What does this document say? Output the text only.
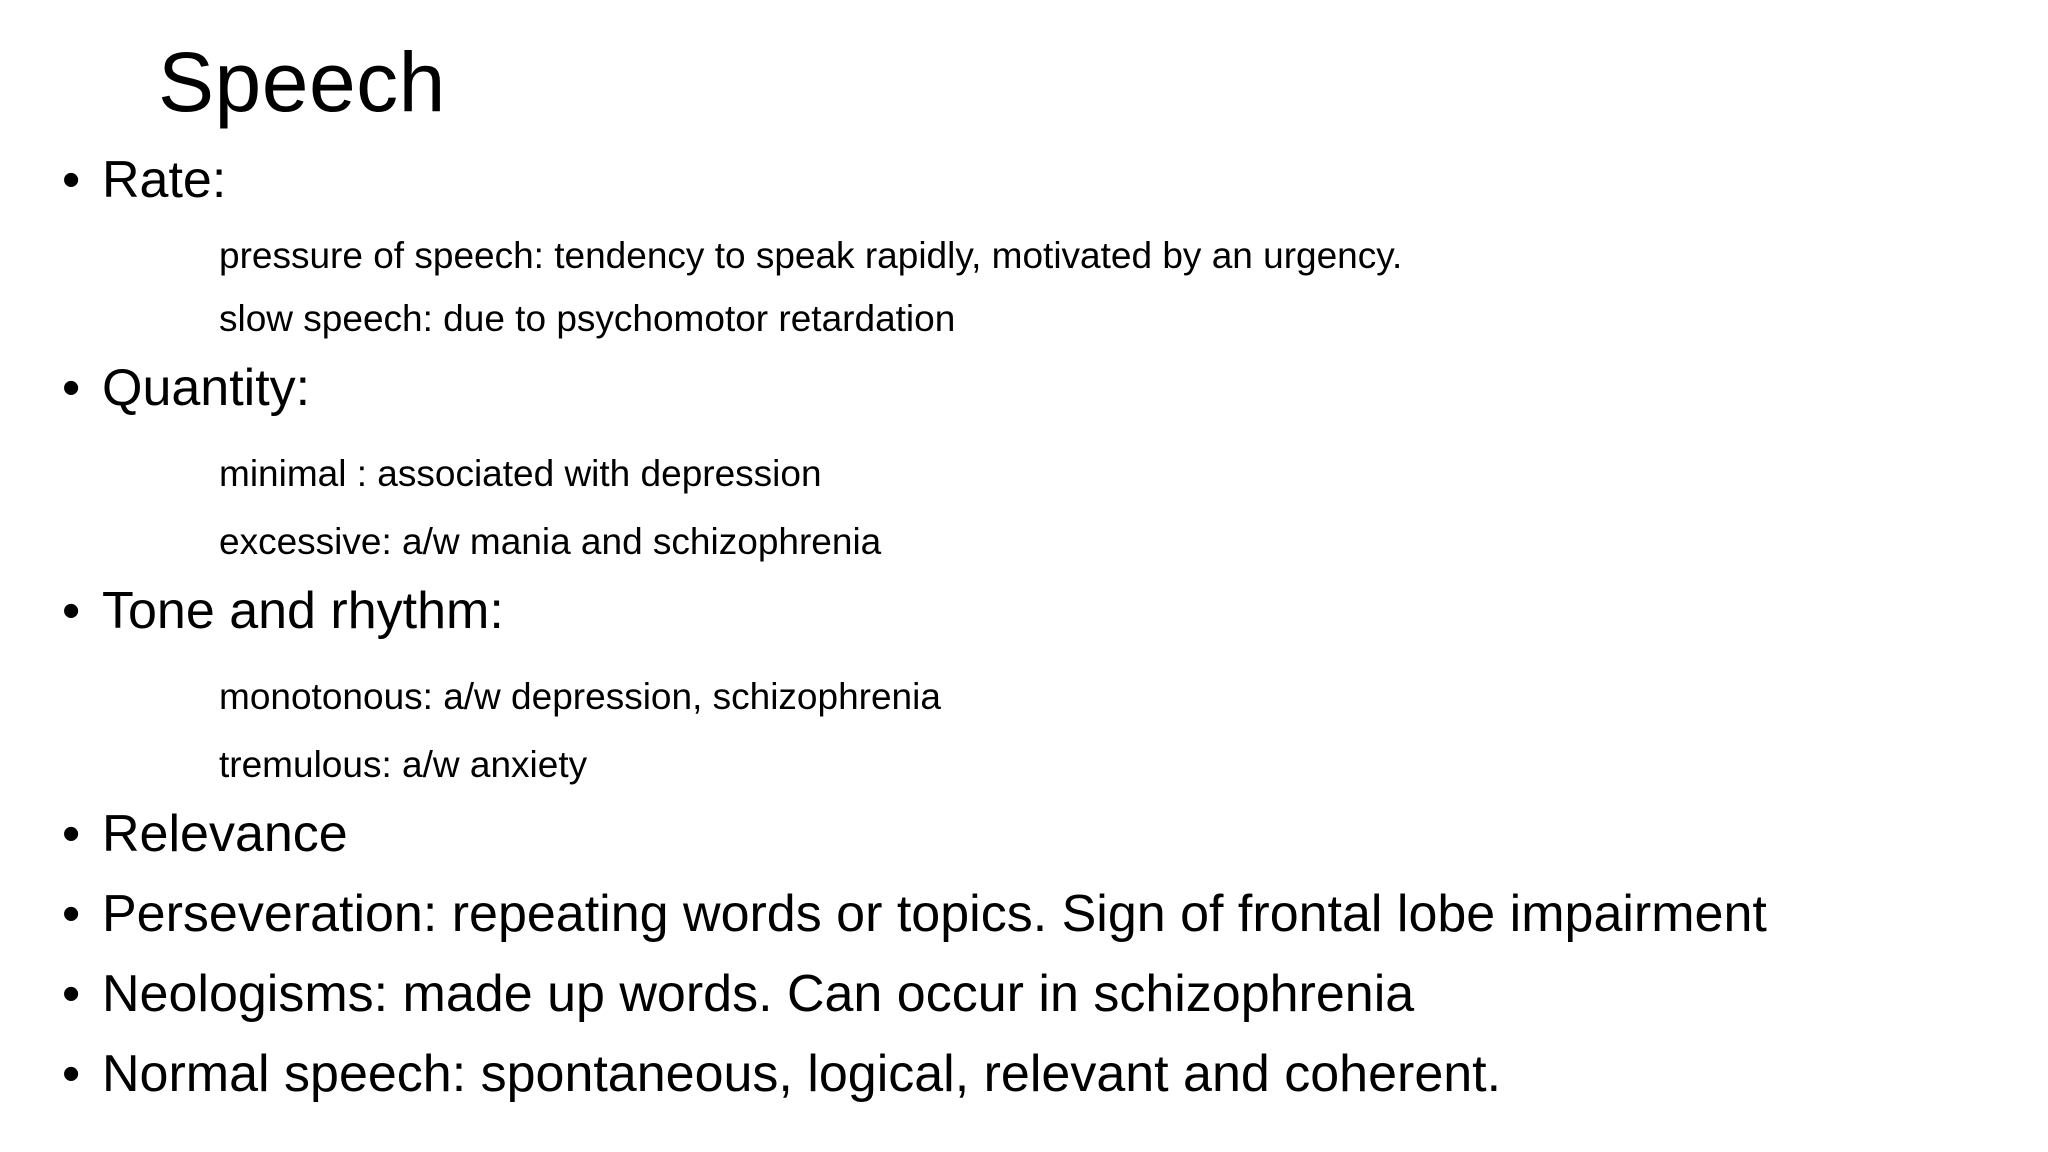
Speech
• Rate:
pressure of speech: tendency to speak rapidly, motivated by an urgency.
slow speech: due to psychomotor retardation
• Quantity:
minimal : associated with depression
excessive: a/w mania and schizophrenia
• Tone and rhythm:
monotonous: a/w depression, schizophrenia
tremulous: a/w anxiety
• Relevance
• Perseveration: repeating words or topics. Sign of frontal lobe impairment
• Neologisms: made up words. Can occur in schizophrenia
• Normal speech: spontaneous, logical, relevant and coherent.
